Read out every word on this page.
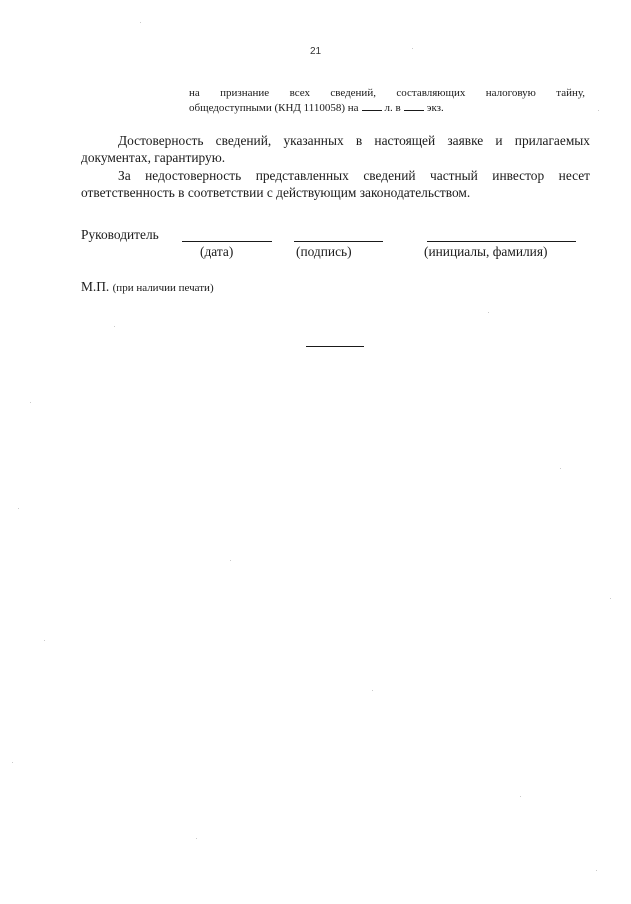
21
на признание всех сведений, составляющих налоговую тайну,
общедоступными (КНД 1110058) на л. в экз.
Достоверность сведений, указанных в настоящей заявке и прилагаемых
документах, гарантирую.
За недостоверность представленных сведений частный инвестор несет
ответственность в соответствии с действующим законодательством.
Руководитель
(дата)	(подпись)	(инициалы, фамилия)
М.П. (при наличии печати)
